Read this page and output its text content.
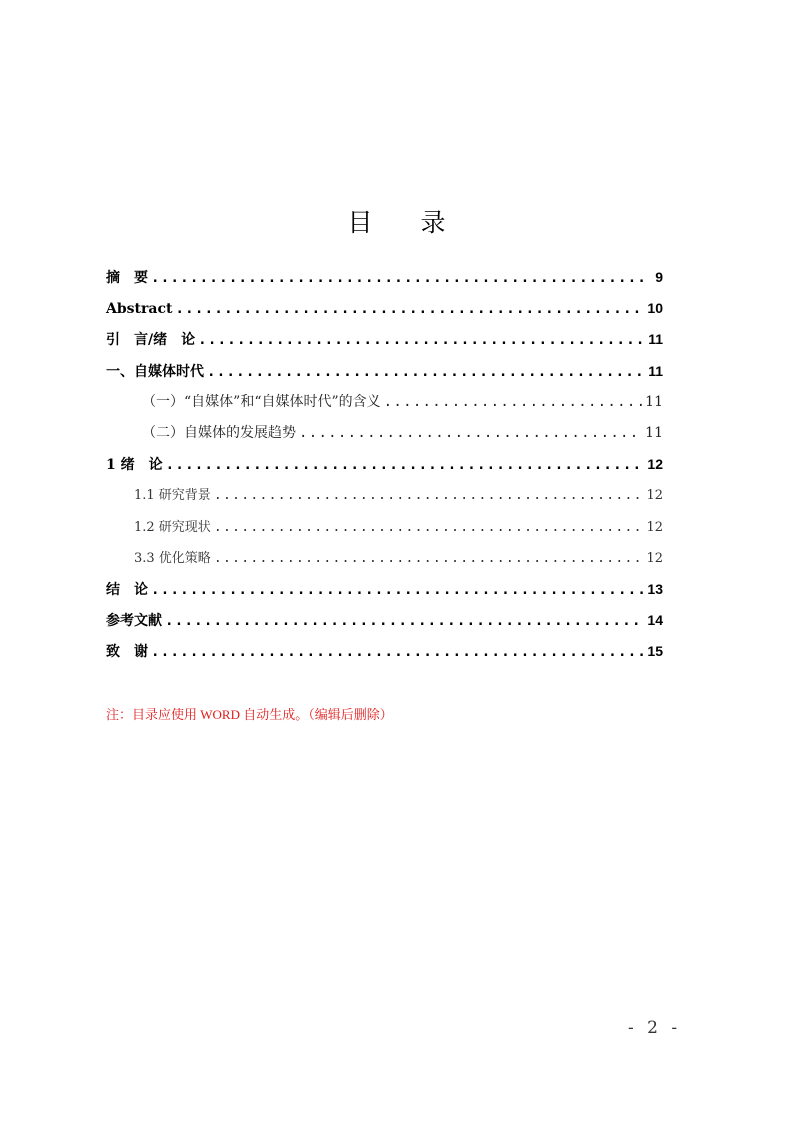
目 录
摘　要 .....	9
Abstract .....	10
引　言/绪　论 .....	11
一、自媒体时代 .....	11
（一）“自媒体”和“自媒体时代”的含义 .....	11
（二）自媒体的发展趋势 .....	11
1 绪　论 .....	12
1.1 研究背景 .....	12
1.2 研究现状 .....	12
3.3 优化策略 .....	12
结　论 .....	13
参考文献 .....	14
致　谢 .....	15
注：目录应使用 WORD 自动生成。（编辑后删除）
- 2 -
